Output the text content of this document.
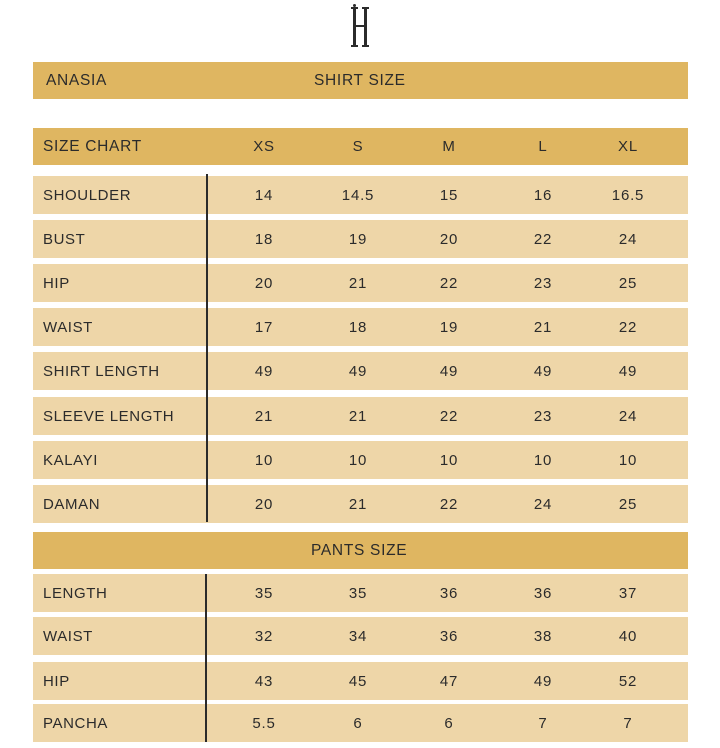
ANASIA	SHIRT SIZE
SIZE CHART	XS	S	M	L	XL
SHOULDER	14	14.5	15	16	16.5
BUST	18	19	20	22	24
HIP	20	21	22	23	25
WAIST	17	18	19	21	22
SHIRT LENGTH	49	49	49	49	49
SLEEVE LENGTH	21	21	22	23	24
KALAYI	10	10	10	10	10
DAMAN	20	21	22	24	25
PANTS SIZE
LENGTH	35	35	36	36	37
WAIST	32	34	36	38	40
HIP	43	45	47	49	52
PANCHA	5.5	6	6	7	7
